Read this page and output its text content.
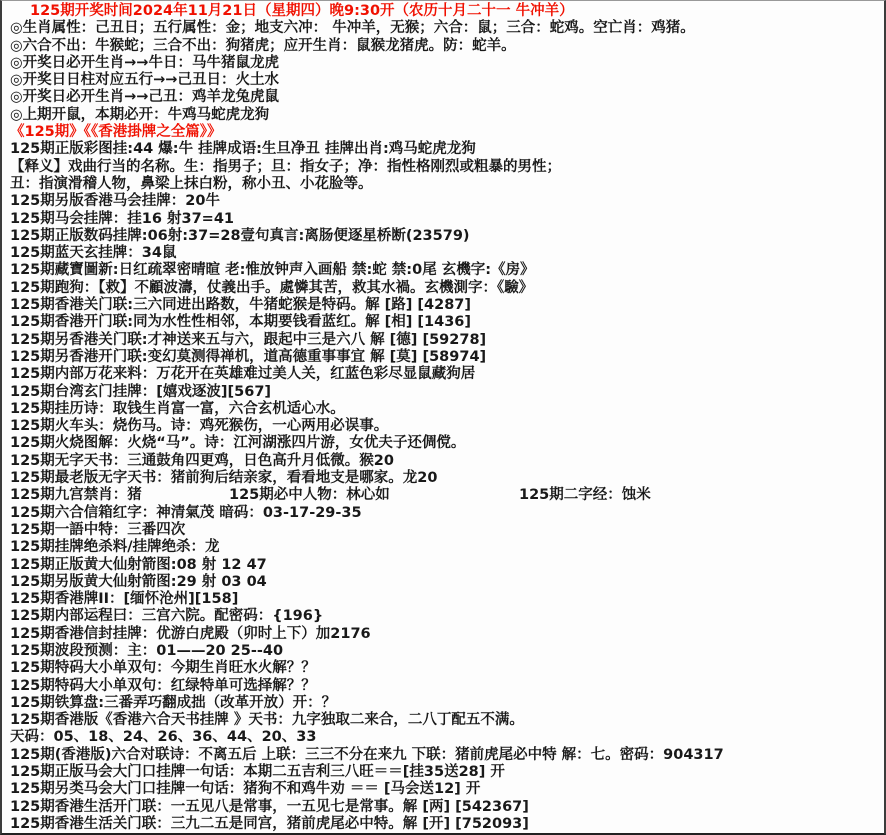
125期开奖时间2024年11月21日（星期四）晚9:30开（农历十月二十一 牛冲羊）
◎生肖属性：己丑日；五行属性：金；地支六冲： 牛冲羊，无猴；六合：鼠；三合：蛇鸡。空亡肖：鸡猪。
◎六合不出：牛猴蛇；三合不出：狗猪虎；应开生肖：鼠猴龙猪虎。防：蛇羊。
◎开奖日必开生肖→→牛日：马牛猪鼠龙虎
◎开奖日日柱对应五行→→己丑日：火土水
◎开奖日必开生肖→→己丑：鸡羊龙兔虎鼠
◎上期开鼠，本期必开：牛鸡马蛇虎龙狗
《125期》《《香港掛牌之全篇》》
125期正版彩图挂:44 爆:牛 挂牌成语:生旦净丑 挂牌出肖:鸡马蛇虎龙狗
【释义】戏曲行当的名称。生：指男子；旦：指女子；净：指性格刚烈或粗暴的男性；
丑：指演滑稽人物，鼻梁上抹白粉，称小丑、小花脸等。
125期另版香港马会挂牌：20牛
125期马会挂牌：挂16 射37=41
125期正版数码挂牌:06射:37=28壹句真言:离肠便逐星桥断(23579)
125期蓝天玄挂牌：34鼠
125期藏寶圖新:日红疏翠密晴暄 老:惟放钟声入画船 禁:蛇 禁:0尾 玄機字:《房》
125期跑狗：【救】不顧波濤，仗義出手。處憐其苦，救其水禍。玄機測字：《驗》
125期香港关门联:三六同进出路数，牛猪蛇猴是特码。解 [路] [4287]
125期香港开门联:同为水性性相邻，本期要钱看蓝红。解 [相] [1436]
125期另香港关门联:才神送来五与六，跟起中三是六八 解 [德] [59278]
125期另香港开门联:变幻莫测得禅机，道高德重事事宜 解 [莫] [58974]
125期内部万花来料：万花开在英雄难过美人关，红蓝色彩尽显鼠藏狗居
125期台湾玄门挂牌：[嬉戏逐波][567]
125期挂历诗：取钱生肖富一富，六合玄机适心水。
125期火车头：烧伤马。诗：鸡死猴伤，一心两用必误事。
125期火烧图解：火烧“马”。诗：江河湖涨四片游，女优夫子还倜傥。
125期无字天书：三通鼓角四更鸡，日色高升月低微。猴20
125期最老版无字天书：猪前狗后结亲家，看看地支是哪家。龙20
125期九宫禁肖：猪	125期必中人物：林心如	125期二字经：蚀米
125期六合信箱红字：神清氣茂 暗码：03-17-29-35
125期一語中特：三番四次
125期挂牌绝杀料/挂牌绝杀：龙
125期正版黄大仙射箭图:08 射 12 47
125期另版黄大仙射箭图:29 射 03 04
125期香港牌II：[缅怀沧州][158]
125期内部运程曰：三宫六院。配密码：{196}
125期香港信封挂牌：优游白虎殿（卯时上下）加2176
125期波段预测：主：01——20 25--40
125期特码大小单双句：今期生肖旺水火解？？
125期特码大小单双句：红绿特单可选择解？？
125期铁算盘:三番弄巧翻成拙（改革开放）开：？
125期香港版《香港六合天书挂牌 》天书：九字独取二来合，二八丁配五不满。
天码：05、18、24、26、36、44、20、33
125期(香港版)六合对联诗：不离五后 上联：三三不分在来九 下联：猪前虎尾必中特 解：七。密码：904317
125期正版马会大门口挂牌一句话：本期二五吉利三八旺＝＝[挂35送28] 开
125期另类马会大门口挂牌一句话：猪狗不和鸡牛劝 ＝＝ [马会送12] 开
125期香港生活开门联：一五见八是常事，一五见七是常事。解 [两] [542367]
125期香港生活关门联：三九二五是同宫，猪前虎尾必中特。解 [开] [752093]
